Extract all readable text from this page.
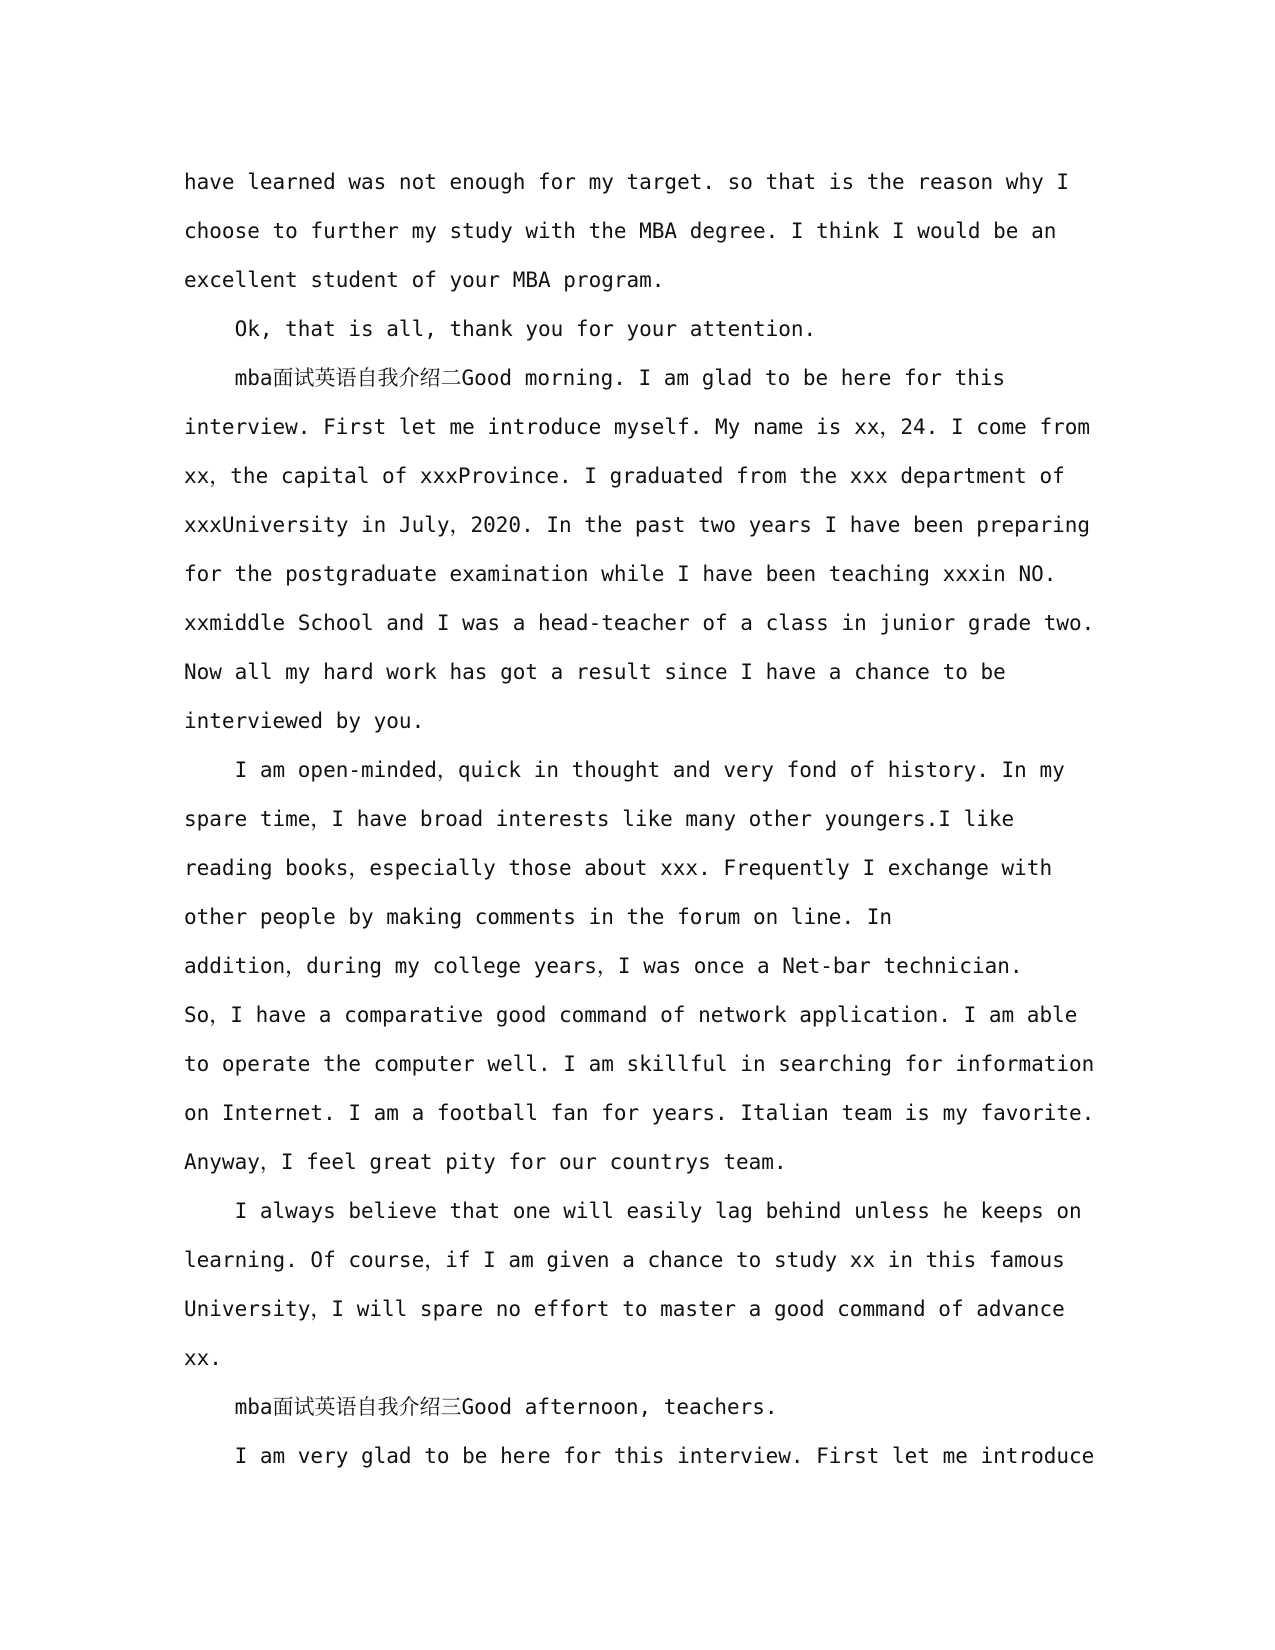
have learned was not enough for my target. so that is the reason why I
choose to further my study with the MBA degree. I think I would be an
excellent student of your MBA program.
Ok, that is all, thank you for your attention.
mba面试英语自我介绍二Good morning. I am glad to be here for this
interview. First let me introduce myself. My name is xx，24. I come from
xx，the capital of xxxProvince. I graduated from the xxx department of
xxxUniversity in July，2020. In the past two years I have been preparing
for the postgraduate examination while I have been teaching xxxin NO.
xxmiddle School and I was a head-teacher of a class in junior grade two.
Now all my hard work has got a result since I have a chance to be
interviewed by you.
I am open-minded，quick in thought and very fond of history. In my
spare time，I have broad interests like many other youngers.I like
reading books，especially those about xxx. Frequently I exchange with
other people by making comments in the forum on line. In
addition，during my college years，I was once a Net-bar technician.
So，I have a comparative good command of network application. I am able
to operate the computer well. I am skillful in searching for information
on Internet. I am a football fan for years. Italian team is my favorite.
Anyway，I feel great pity for our countrys team.
I always believe that one will easily lag behind unless he keeps on
learning. Of course，if I am given a chance to study xx in this famous
University，I will spare no effort to master a good command of advance
xx.
mba面试英语自我介绍三Good afternoon, teachers.
I am very glad to be here for this interview. First let me introduce
